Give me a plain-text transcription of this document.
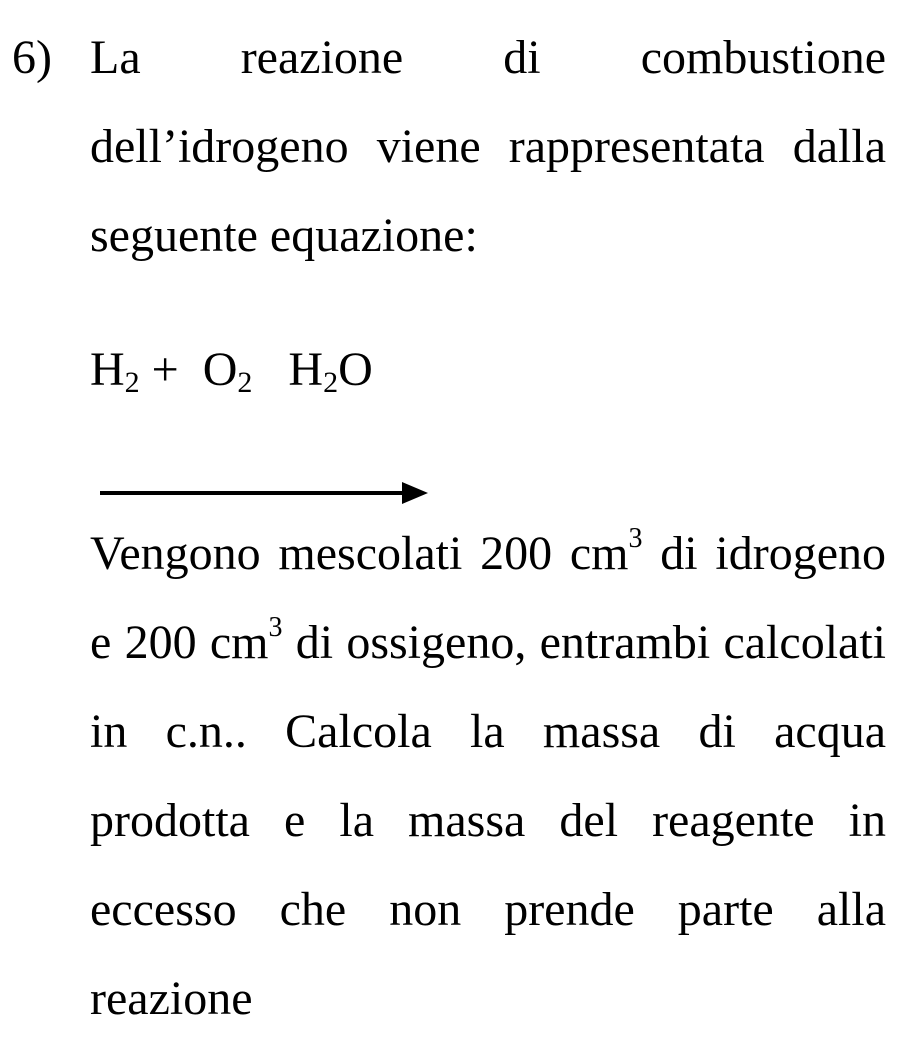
6) La reazione di combustione dell’idrogeno viene rappresentata dalla seguente equazione:
$H_2 + O_2$ $H_2O$
Vengono mescolati 200 $cm^3$ di idrogeno e 200 $cm^3$ di ossigeno, entrambi calcolati in c.n.. Calcola la massa di acqua prodotta e la massa del reagente in eccesso che non prende parte alla reazione
